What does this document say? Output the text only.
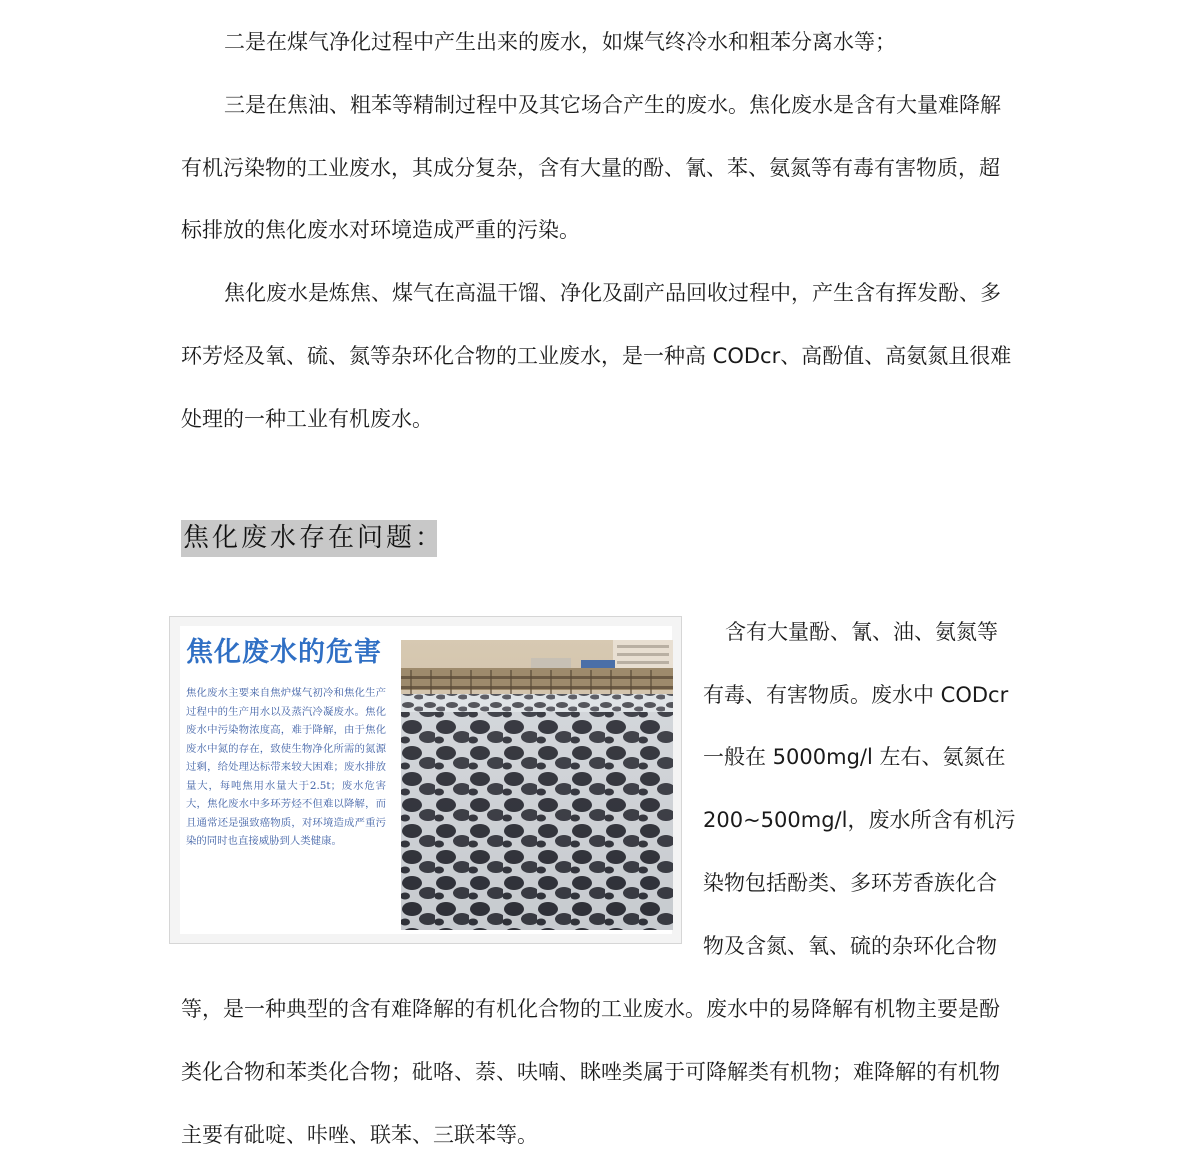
二是在煤气净化过程中产生出来的废水，如煤气终冷水和粗苯分离水等；
三是在焦油、粗苯等精制过程中及其它场合产生的废水。焦化废水是含有大量难降解
有机污染物的工业废水，其成分复杂，含有大量的酚、氰、苯、氨氮等有毒有害物质，超
标排放的焦化废水对环境造成严重的污染。
焦化废水是炼焦、煤气在高温干馏、净化及副产品回收过程中，产生含有挥发酚、多
环芳烃及氧、硫、氮等杂环化合物的工业废水，是一种高 CODcr、高酚值、高氨氮且很难
处理的一种工业有机废水。
焦化废水存在问题：
焦化废水的危害
焦化废水主要来自焦炉煤气初冷和焦化生产过程中的生产用水以及蒸汽冷凝废水。焦化废水中污染物浓度高，难于降解，由于焦化废水中氮的存在，致使生物净化所需的氮源过剩，给处理达标带来较大困难；废水排放量大，每吨焦用水量大于2.5t；废水危害大，焦化废水中多环芳烃不但难以降解，而且通常还是强致癌物质，对环境造成严重污染的同时也直接威胁到人类健康。
含有大量酚、氰、油、氨氮等
有毒、有害物质。废水中 CODcr
一般在 5000mg/l 左右、氨氮在
200~500mg/l，废水所含有机污
染物包括酚类、多环芳香族化合
物及含氮、氧、硫的杂环化合物
等，是一种典型的含有难降解的有机化合物的工业废水。废水中的易降解有机物主要是酚
类化合物和苯类化合物；砒咯、萘、呋喃、眯唑类属于可降解类有机物；难降解的有机物
主要有砒啶、咔唑、联苯、三联苯等。
